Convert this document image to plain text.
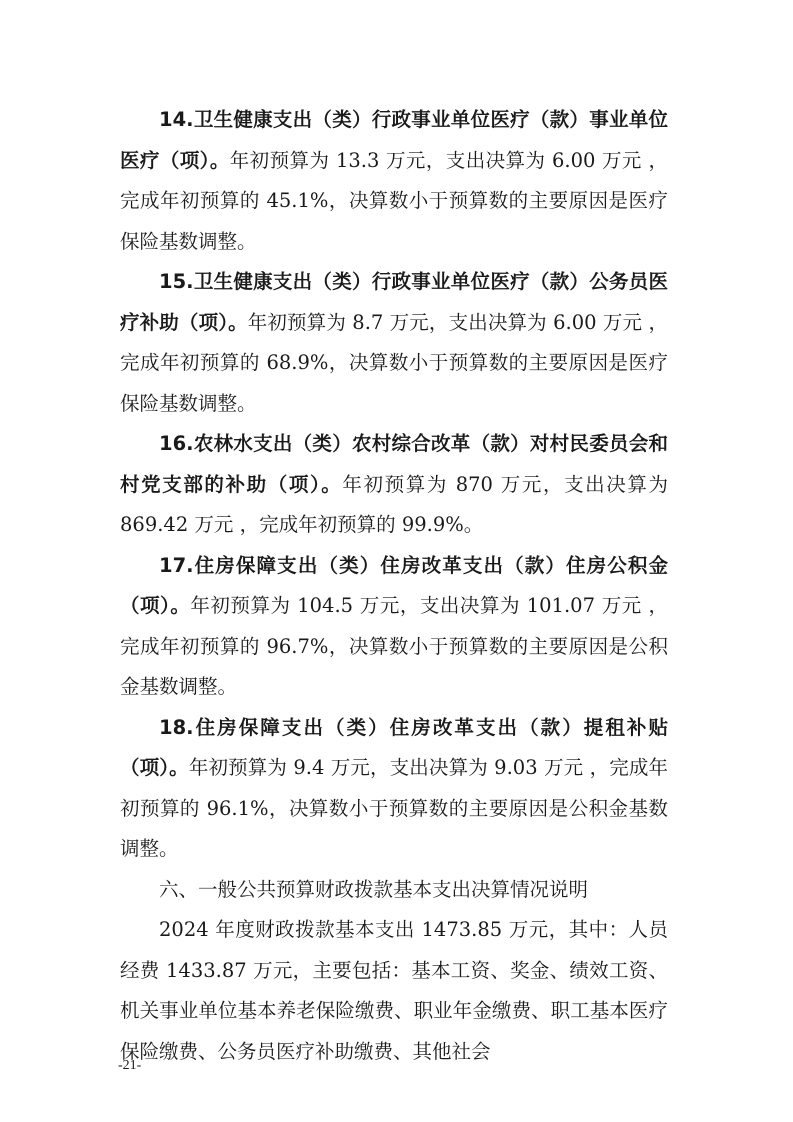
14.卫生健康支出（类）行政事业单位医疗（款）事业单位医疗（项）。年初预算为 13.3 万元，支出决算为 6.00 万元 ，完成年初预算的 45.1%，决算数小于预算数的主要原因是医疗保险基数调整。

15.卫生健康支出（类）行政事业单位医疗（款）公务员医疗补助（项）。年初预算为 8.7 万元，支出决算为 6.00 万元 ，完成年初预算的 68.9%，决算数小于预算数的主要原因是医疗保险基数调整。

16.农林水支出（类）农村综合改革（款）对村民委员会和村党支部的补助（项）。年初预算为 870 万元，支出决算为 869.42 万元 ，完成年初预算的 99.9%。

17.住房保障支出（类）住房改革支出（款）住房公积金（项）。年初预算为 104.5 万元，支出决算为 101.07 万元 ，完成年初预算的 96.7%，决算数小于预算数的主要原因是公积金基数调整。

18.住房保障支出（类）住房改革支出（款）提租补贴（项）。年初预算为 9.4 万元，支出决算为 9.03 万元 ，完成年初预算的 96.1%，决算数小于预算数的主要原因是公积金基数调整。

六、一般公共预算财政拨款基本支出决算情况说明

2024 年度财政拨款基本支出 1473.85 万元，其中：人员经费 1433.87 万元，主要包括：基本工资、奖金、绩效工资、机关事业单位基本养老保险缴费、职业年金缴费、职工基本医疗保险缴费、公务员医疗补助缴费、其他社会

-21-
